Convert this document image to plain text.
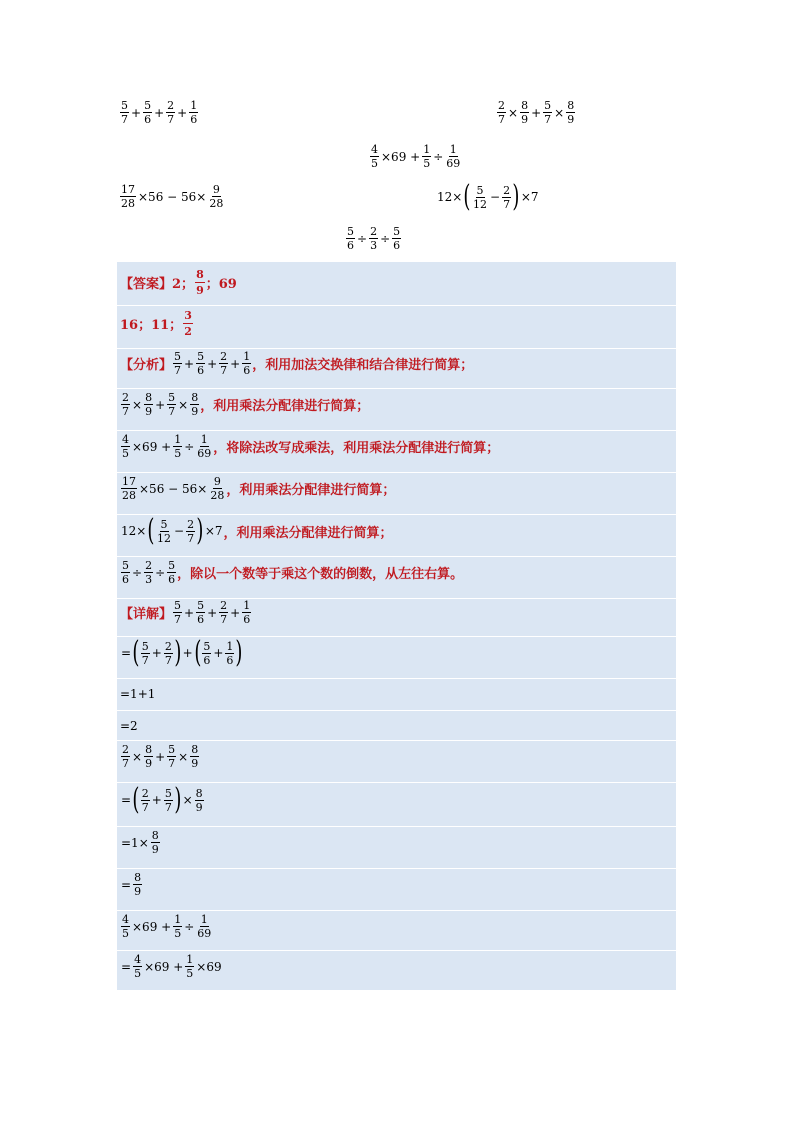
$\frac{5}{7} + \frac{5}{6} + \frac{2}{7} + \frac{1}{6}$	$\frac{2}{7} \times \frac{8}{9} + \frac{5}{7} \times \frac{8}{9}$
$\frac{4}{5} \times 69 + \frac{1}{5} \div \frac{1}{69}$
$\frac{17}{28} \times 56 - 56\times \frac{9}{28}$	12× ( $\frac{5}{12} - \frac{2}{7}$ ) ×7
$\frac{5}{6} \div \frac{2}{3} \div \frac{5}{6}$
【答案】 2； $\frac{8}{9}$ ；69
16；11； $\frac{3}{2}$
【分析】 $\frac{5}{7} + \frac{5}{6} + \frac{2}{7} + \frac{1}{6}$ ，利用加法交换律和结合律进行简算；
$\frac{2}{7} \times \frac{8}{9} + \frac{5}{7} \times \frac{8}{9}$ ，利用乘法分配律进行简算；
$\frac{4}{5} \times 69 + \frac{1}{5} \div \frac{1}{69}$ ，将除法改写成乘法，利用乘法分配律进行简算；
$\frac{17}{28} \times 56 - 56\times \frac{9}{28}$ ，利用乘法分配律进行简算；
12× ( $\frac{5}{12} - \frac{2}{7}$ ) ×7 ，利用乘法分配律进行简算；
$\frac{5}{6} \div \frac{2}{3} \div \frac{5}{6}$ ，除以一个数等于乘这个数的倒数，从左往右算。
【详解】 $\frac{5}{7} + \frac{5}{6} + \frac{2}{7} + \frac{1}{6}$
= ( $\frac{5}{7} + \frac{2}{7}$ ) + ( $\frac{5}{6} + \frac{1}{6}$ )
=1+1
=2
$\frac{2}{7} \times \frac{8}{9} + \frac{5}{7} \times \frac{8}{9}$
= ( $\frac{2}{7} + \frac{5}{7}$ ) × $\frac{8}{9}$
$=1\times \frac{8}{9}$
= $\frac{8}{9}$
$\frac{4}{5} \times 69 + \frac{1}{5} \div \frac{1}{69}$
= $\frac{4}{5} \times 69 + \frac{1}{5} \times 69$
